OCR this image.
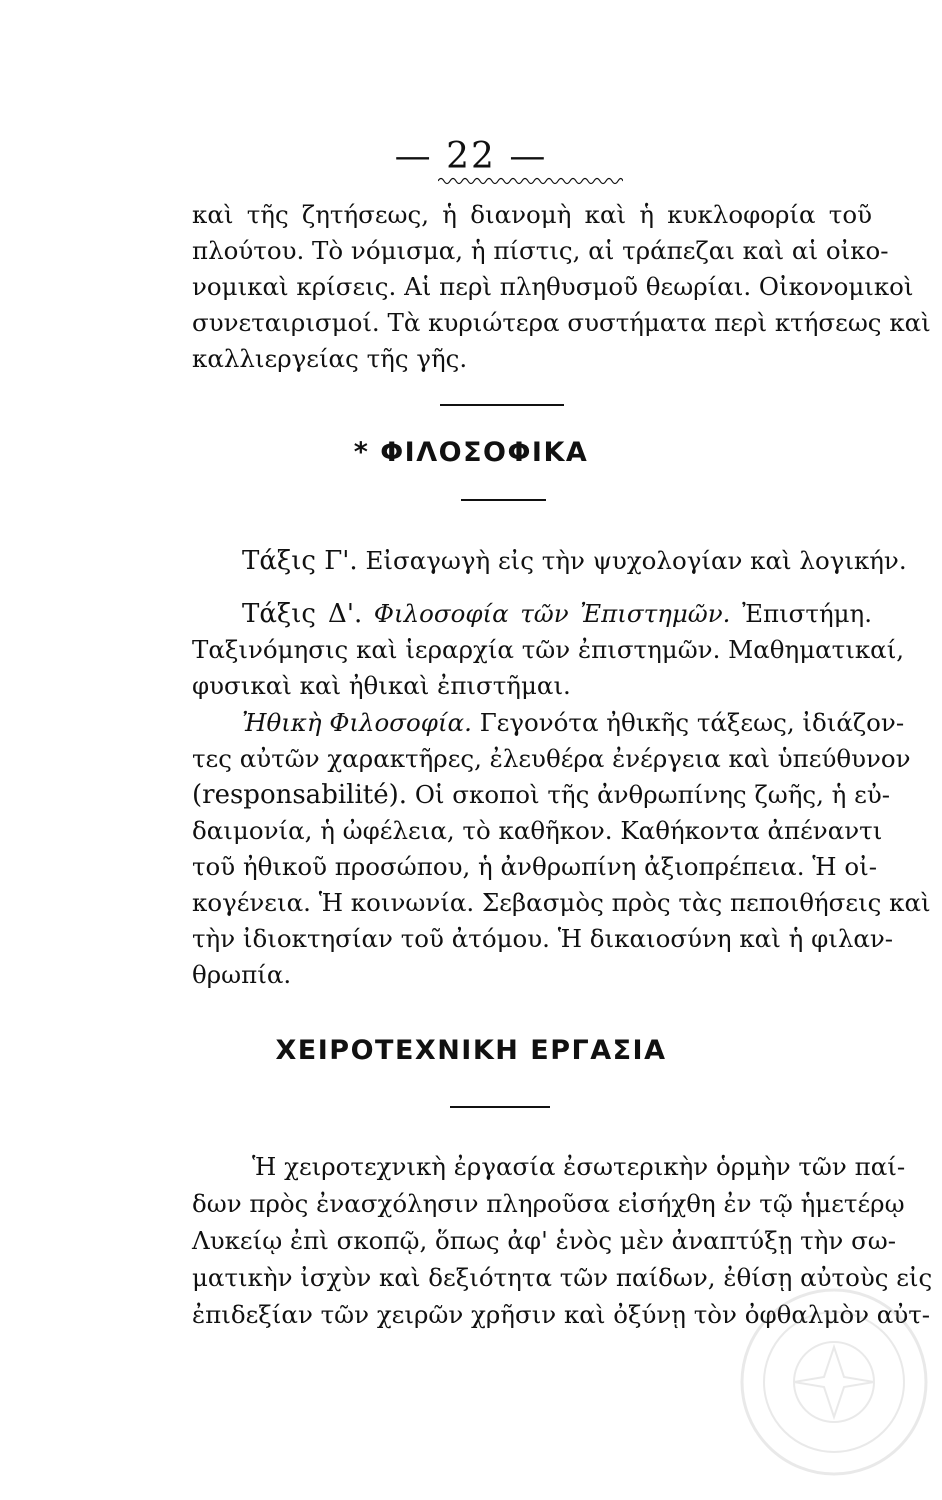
— 22 —
καὶ τῆς ζητήσεως, ἡ διανομὴ καὶ ἡ κυκλοφορία τοῦ
πλούτου. Τὸ νόμισμα, ἡ πίστις, αἱ τράπεζαι καὶ αἱ οἰκο-
νομικαὶ κρίσεις. Αἱ περὶ πληθυσμοῦ θεωρίαι. Οἰκονομικοὶ
συνεταιρισμοί. Τὰ κυριώτερα συστήματα περὶ κτήσεως καὶ
καλλιεργείας τῆς γῆς.
* ΦΙΛΟΣΟΦΙΚΑ
Τάξις Γ'. Εἰσαγωγὴ εἰς τὴν ψυχολογίαν καὶ λογικήν.
Τάξις Δ'. Φιλοσοφία τῶν Ἐπιστημῶν. Ἐπιστήμη.
Ταξινόμησις καὶ ἱεραρχία τῶν ἐπιστημῶν. Μαθηματικαί,
φυσικαὶ καὶ ἠθικαὶ ἐπιστῆμαι.
Ἠθικὴ Φιλοσοφία. Γεγονότα ἠθικῆς τάξεως, ἰδιάζον-
τες αὐτῶν χαρακτῆρες, ἐλευθέρα ἐνέργεια καὶ ὑπεύθυνον
(responsabilité). Οἱ σκοποὶ τῆς ἀνθρωπίνης ζωῆς, ἡ εὐ-
δαιμονία, ἡ ὠφέλεια, τὸ καθῆκον. Καθήκοντα ἀπέναντι
τοῦ ἠθικοῦ προσώπου, ἡ ἀνθρωπίνη ἀξιοπρέπεια. Ἡ οἰ-
κογένεια. Ἡ κοινωνία. Σεβασμὸς πρὸς τὰς πεποιθήσεις καὶ
τὴν ἰδιοκτησίαν τοῦ ἀτόμου. Ἡ δικαιοσύνη καὶ ἡ φιλαν-
θρωπία.
ΧΕΙΡΟΤΕΧΝΙΚΗ ΕΡΓΑΣΙΑ
Ἡ χειροτεχνικὴ ἐργασία ἐσωτερικὴν ὁρμὴν τῶν παί-
δων πρὸς ἐνασχόλησιν πληροῦσα εἰσήχθη ἐν τῷ ἡμετέρῳ
Λυκείῳ ἐπὶ σκοπῷ, ὅπως ἀφ' ἑνὸς μὲν ἀναπτύξῃ τὴν σω-
ματικὴν ἰσχὺν καὶ δεξιότητα τῶν παίδων, ἐθίσῃ αὐτοὺς εἰς
ἐπιδεξίαν τῶν χειρῶν χρῆσιν καὶ ὀξύνῃ τὸν ὀφθαλμὸν αὐτ-
